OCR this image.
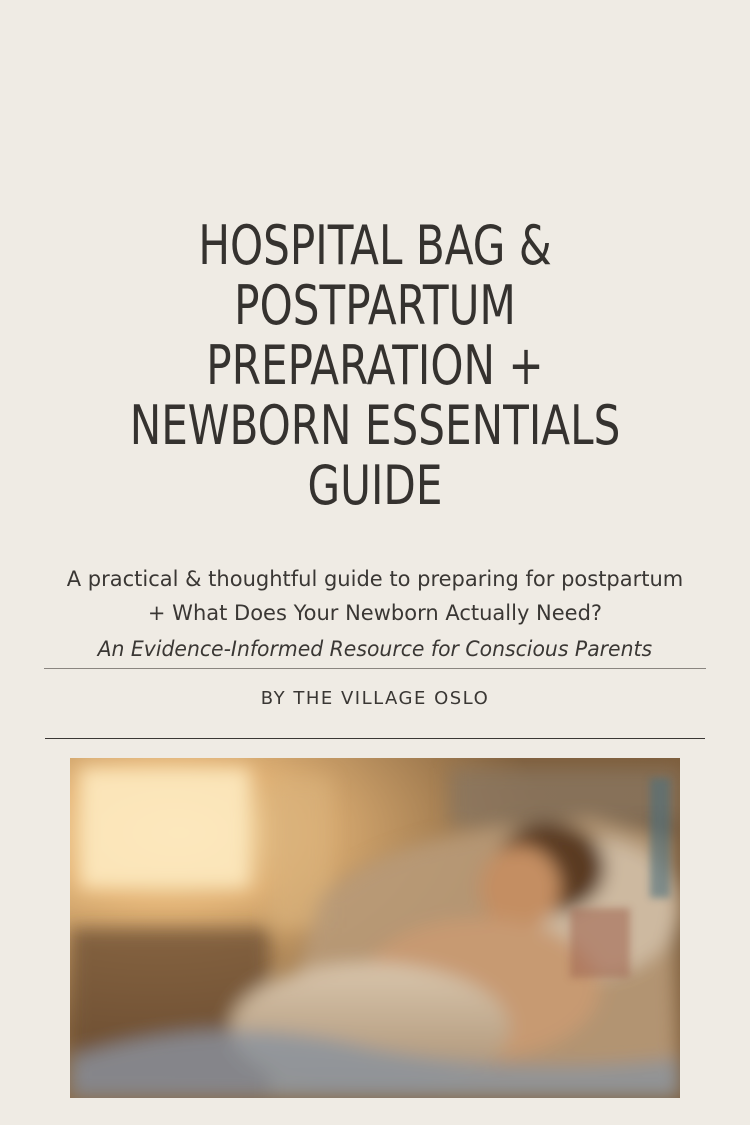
HOSPITAL BAG &
POSTPARTUM
PREPARATION +
NEWBORN ESSENTIALS
GUIDE
A practical & thoughtful guide to preparing for postpartum
+ What Does Your Newborn Actually Need?
An Evidence-Informed Resource for Conscious Parents
BY THE VILLAGE OSLO
